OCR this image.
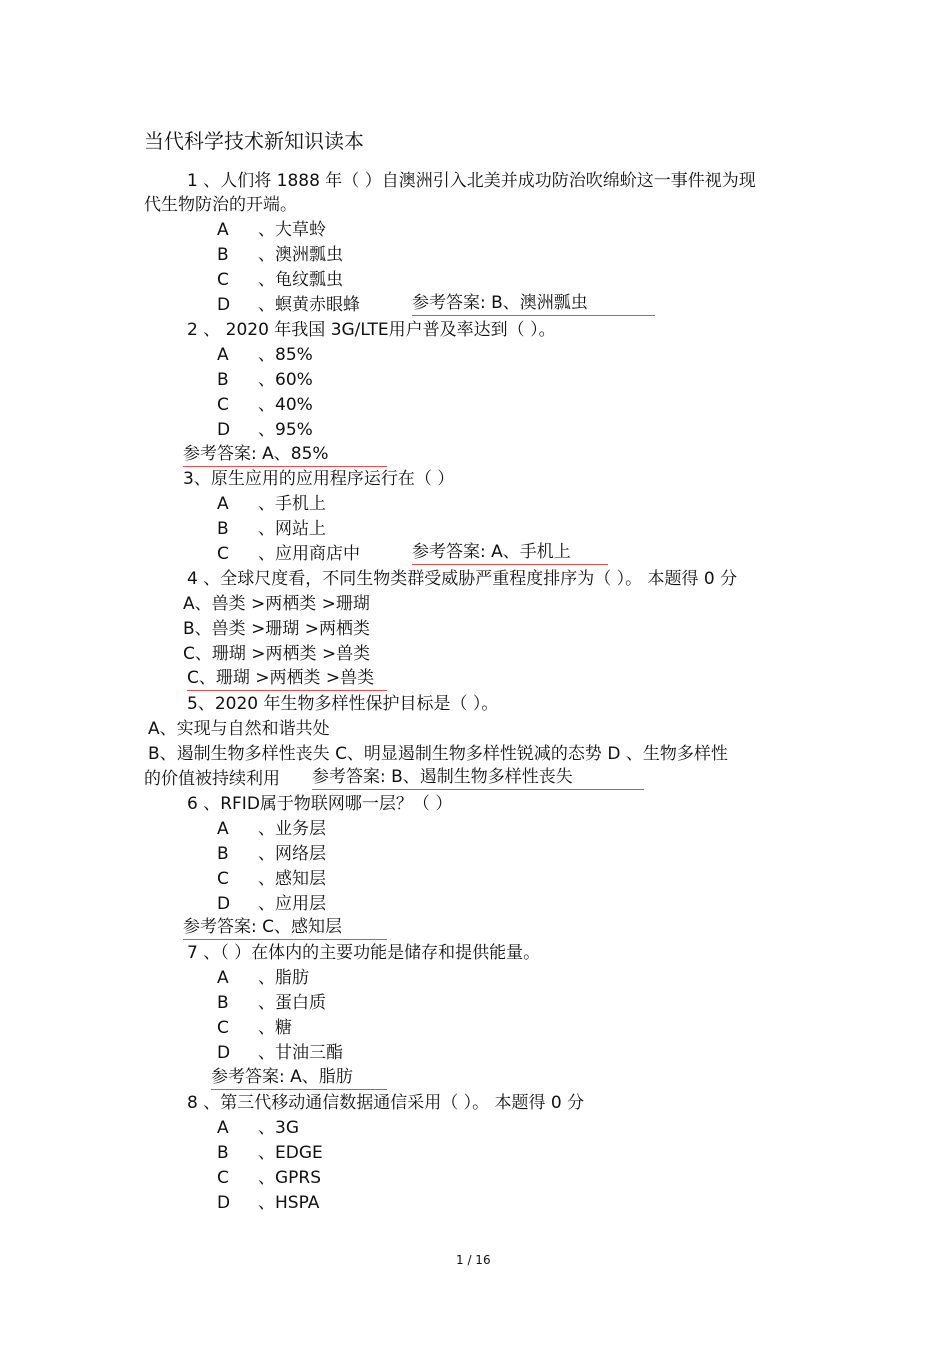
当代科学技术新知识读本
1 、人们将 1888 年（ ）自澳洲引入北美并成功防治吹绵蚧这一事件视为现
代生物防治的开端。
A 、大草蛉
B 、澳洲瓢虫
C 、龟纹瓢虫
D 、螟黄赤眼蜂	参考答案: B、澳洲瓢虫
2 、 2020 年我国 3G/LTE用户普及率达到（ ）。
A 、85%
B 、60%
C 、40%
D 、95%
参考答案: A、85%
3、原生应用的应用程序运行在（ ）
A 、手机上
B 、网站上
C 、应用商店中	参考答案: A、手机上
4 、全球尺度看，不同生物类群受威胁严重程度排序为（ ）。 本题得 0 分
A、兽类 >两栖类 >珊瑚
B、兽类 >珊瑚 >两栖类
C、珊瑚 >两栖类 >兽类
C、珊瑚 >两栖类 >兽类
5、2020 年生物多样性保护目标是（ ）。
A、实现与自然和谐共处
B、遏制生物多样性丧失 C、明显遏制生物多样性锐减的态势 D 、生物多样性
的价值被持续利用 参考答案: B、遏制生物多样性丧失
6 、RFID属于物联网哪一层？（ ）
A 、业务层
B 、网络层
C 、感知层
D 、应用层
参考答案: C、感知层
7 、（ ）在体内的主要功能是储存和提供能量。
A 、脂肪
B 、蛋白质
C 、糖
D 、甘油三酯
参考答案: A、脂肪
8 、第三代移动通信数据通信采用（ ）。 本题得 0 分
A 、3G
B 、EDGE
C 、GPRS
D 、HSPA
1 / 16
